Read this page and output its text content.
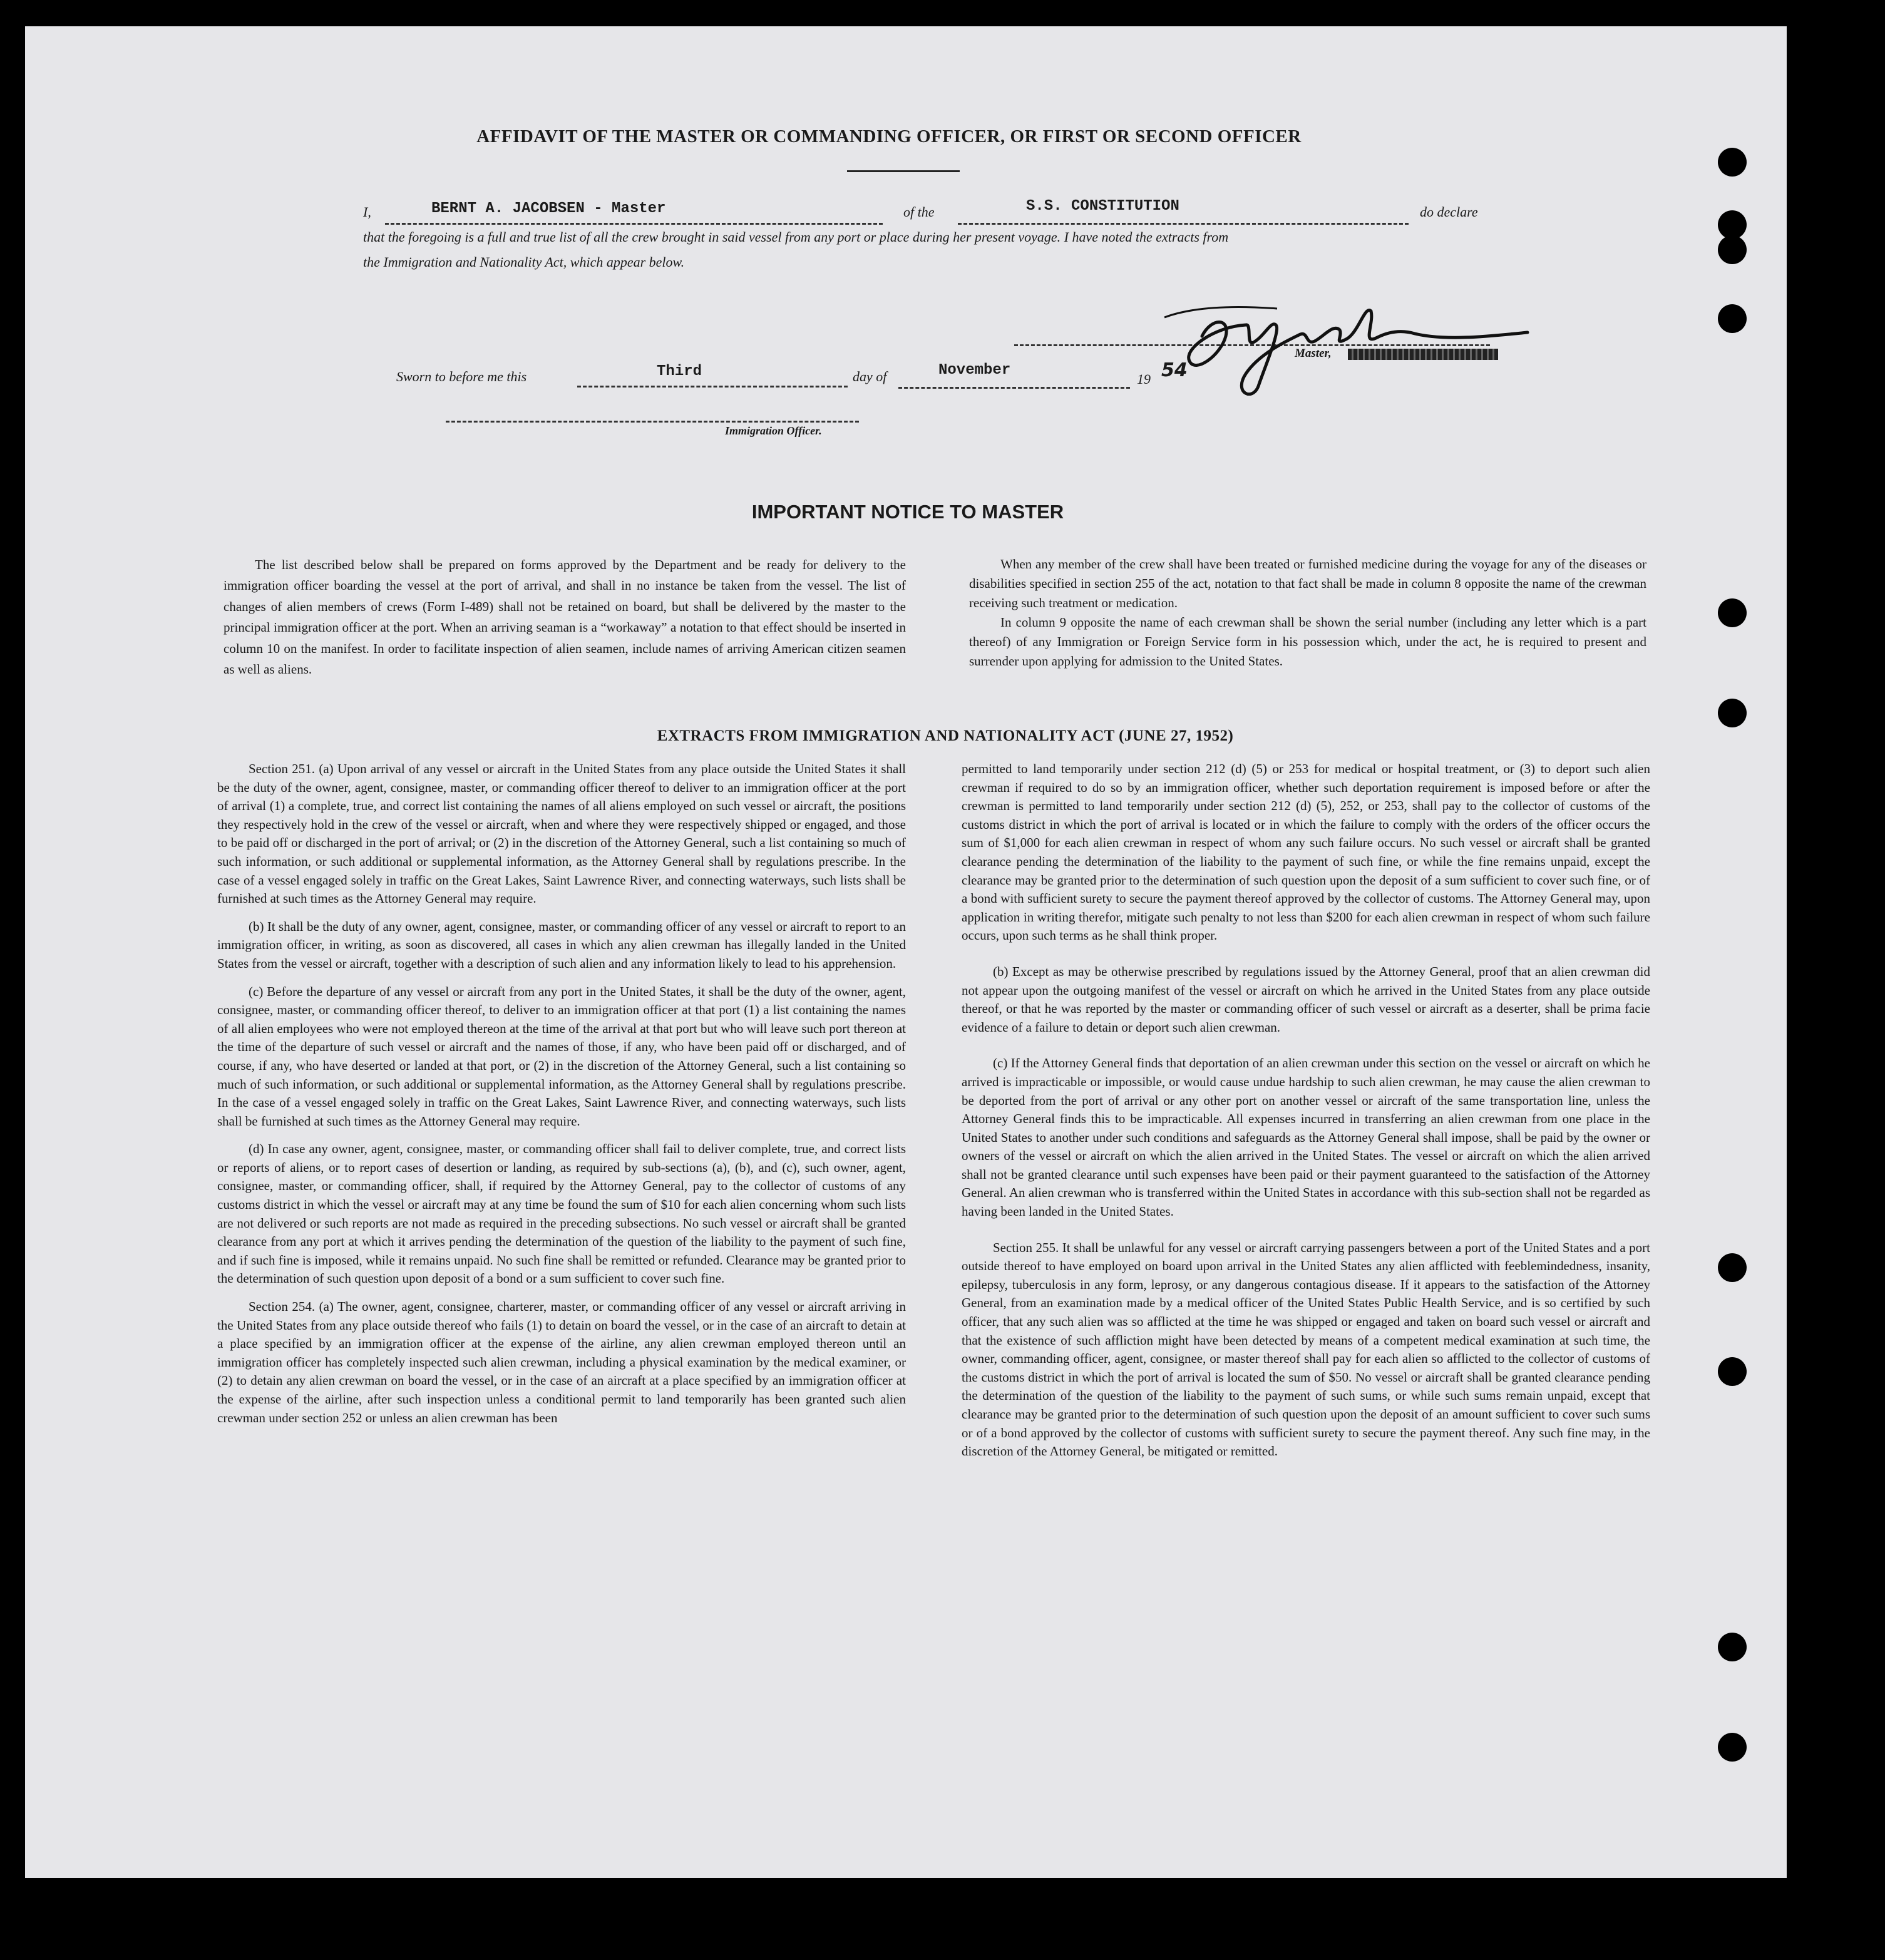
AFFIDAVIT OF THE MASTER OR COMMANDING OFFICER, OR FIRST OR SECOND OFFICER
I,	BERNT A. JACOBSEN - Master	of the	S.S. CONSTITUTION	do declare
that the foregoing is a full and true list of all the crew brought in said vessel from any port or place during her present voyage. I have noted the extracts from
the Immigration and Nationality Act, which appear below.
Master,
Sworn to before me this	Third	day of	November
19 54
Immigration Officer.
IMPORTANT NOTICE TO MASTER

The list described below shall be prepared on forms approved by the Department and be ready for delivery to the immigration officer boarding the vessel at the port of arrival, and shall in no instance be taken from the vessel. The list of changes of alien members of crews (Form I-489) shall not be retained on board, but shall be delivered by the master to the principal immigration officer at the port. When an arriving seaman is a “workaway” a notation to that effect should be inserted in column 10 on the manifest. In order to facilitate inspection of alien seamen, include names of arriving American citizen seamen as well as aliens.

When any member of the crew shall have been treated or furnished medicine during the voyage for any of the diseases or disabilities specified in section 255 of the act, notation to that fact shall be made in column 8 opposite the name of the crewman receiving such treatment or medication.

In column 9 opposite the name of each crewman shall be shown the serial number (including any letter which is a part thereof) of any Immigration or Foreign Service form in his possession which, under the act, he is required to present and surrender upon applying for admission to the United States.

EXTRACTS FROM IMMIGRATION AND NATIONALITY ACT (JUNE 27, 1952)

Section 251. (a) Upon arrival of any vessel or aircraft in the United States from any place outside the United States it shall be the duty of the owner, agent, consignee, master, or commanding officer thereof to deliver to an immigration officer at the port of arrival (1) a complete, true, and correct list containing the names of all aliens employed on such vessel or aircraft, the positions they respectively hold in the crew of the vessel or aircraft, when and where they were respectively shipped or engaged, and those to be paid off or discharged in the port of arrival; or (2) in the discretion of the Attorney General, such a list containing so much of such information, or such additional or supplemental information, as the Attorney General shall by regulations prescribe. In the case of a vessel engaged solely in traffic on the Great Lakes, Saint Lawrence River, and connecting waterways, such lists shall be furnished at such times as the Attorney General may require.

(b) It shall be the duty of any owner, agent, consignee, master, or commanding officer of any vessel or aircraft to report to an immigration officer, in writing, as soon as discovered, all cases in which any alien crewman has illegally landed in the United States from the vessel or aircraft, together with a description of such alien and any information likely to lead to his apprehension.

(c) Before the departure of any vessel or aircraft from any port in the United States, it shall be the duty of the owner, agent, consignee, master, or commanding officer thereof, to deliver to an immigration officer at that port (1) a list containing the names of all alien employees who were not employed thereon at the time of the arrival at that port but who will leave such port thereon at the time of the departure of such vessel or aircraft and the names of those, if any, who have been paid off or discharged, and of course, if any, who have deserted or landed at that port, or (2) in the discretion of the Attorney General, such a list containing so much of such information, or such additional or supplemental information, as the Attorney General shall by regulations prescribe. In the case of a vessel engaged solely in traffic on the Great Lakes, Saint Lawrence River, and connecting waterways, such lists shall be furnished at such times as the Attorney General may require.

(d) In case any owner, agent, consignee, master, or commanding officer shall fail to deliver complete, true, and correct lists or reports of aliens, or to report cases of desertion or landing, as required by sub-sections (a), (b), and (c), such owner, agent, consignee, master, or commanding officer, shall, if required by the Attorney General, pay to the collector of customs of any customs district in which the vessel or aircraft may at any time be found the sum of $10 for each alien concerning whom such lists are not delivered or such reports are not made as required in the preceding subsections. No such vessel or aircraft shall be granted clearance from any port at which it arrives pending the determination of the question of the liability to the payment of such fine, and if such fine is imposed, while it remains unpaid. No such fine shall be remitted or refunded. Clearance may be granted prior to the determination of such question upon deposit of a bond or a sum sufficient to cover such fine.

Section 254. (a) The owner, agent, consignee, charterer, master, or commanding officer of any vessel or aircraft arriving in the United States from any place outside thereof who fails (1) to detain on board the vessel, or in the case of an aircraft to detain at a place specified by an immigration officer at the expense of the airline, any alien crewman employed thereon until an immigration officer has completely inspected such alien crewman, including a physical examination by the medical examiner, or (2) to detain any alien crewman on board the vessel, or in the case of an aircraft at a place specified by an immigration officer at the expense of the airline, after such inspection unless a conditional permit to land temporarily has been granted such alien crewman under section 252 or unless an alien crewman has been

permitted to land temporarily under section 212 (d) (5) or 253 for medical or hospital treatment, or (3) to deport such alien crewman if required to do so by an immigration officer, whether such deportation requirement is imposed before or after the crewman is permitted to land temporarily under section 212 (d) (5), 252, or 253, shall pay to the collector of customs of the customs district in which the port of arrival is located or in which the failure to comply with the orders of the officer occurs the sum of $1,000 for each alien crewman in respect of whom any such failure occurs. No such vessel or aircraft shall be granted clearance pending the determination of the liability to the payment of such fine, or while the fine remains unpaid, except the clearance may be granted prior to the determination of such question upon the deposit of a sum sufficient to cover such fine, or of a bond with sufficient surety to secure the payment thereof approved by the collector of customs. The Attorney General may, upon application in writing therefor, mitigate such penalty to not less than $200 for each alien crewman in respect of whom such failure occurs, upon such terms as he shall think proper.

(b) Except as may be otherwise prescribed by regulations issued by the Attorney General, proof that an alien crewman did not appear upon the outgoing manifest of the vessel or aircraft on which he arrived in the United States from any place outside thereof, or that he was reported by the master or commanding officer of such vessel or aircraft as a deserter, shall be prima facie evidence of a failure to detain or deport such alien crewman.

(c) If the Attorney General finds that deportation of an alien crewman under this section on the vessel or aircraft on which he arrived is impracticable or impossible, or would cause undue hardship to such alien crewman, he may cause the alien crewman to be deported from the port of arrival or any other port on another vessel or aircraft of the same transportation line, unless the Attorney General finds this to be impracticable. All expenses incurred in transferring an alien crewman from one place in the United States to another under such conditions and safeguards as the Attorney General shall impose, shall be paid by the owner or owners of the vessel or aircraft on which the alien arrived in the United States. The vessel or aircraft on which the alien arrived shall not be granted clearance until such expenses have been paid or their payment guaranteed to the satisfaction of the Attorney General. An alien crewman who is transferred within the United States in accordance with this sub-section shall not be regarded as having been landed in the United States.

Section 255. It shall be unlawful for any vessel or aircraft carrying passengers between a port of the United States and a port outside thereof to have employed on board upon arrival in the United States any alien afflicted with feeblemindedness, insanity, epilepsy, tuberculosis in any form, leprosy, or any dangerous contagious disease. If it appears to the satisfaction of the Attorney General, from an examination made by a medical officer of the United States Public Health Service, and is so certified by such officer, that any such alien was so afflicted at the time he was shipped or engaged and taken on board such vessel or aircraft and that the existence of such affliction might have been detected by means of a competent medical examination at such time, the owner, commanding officer, agent, consignee, or master thereof shall pay for each alien so afflicted to the collector of customs of the customs district in which the port of arrival is located the sum of $50. No vessel or aircraft shall be granted clearance pending the determination of the question of the liability to the payment of such sums, or while such sums remain unpaid, except that clearance may be granted prior to the determination of such question upon the deposit of an amount sufficient to cover such sums or of a bond approved by the collector of customs with sufficient surety to secure the payment thereof. Any such fine may, in the discretion of the Attorney General, be mitigated or remitted.
